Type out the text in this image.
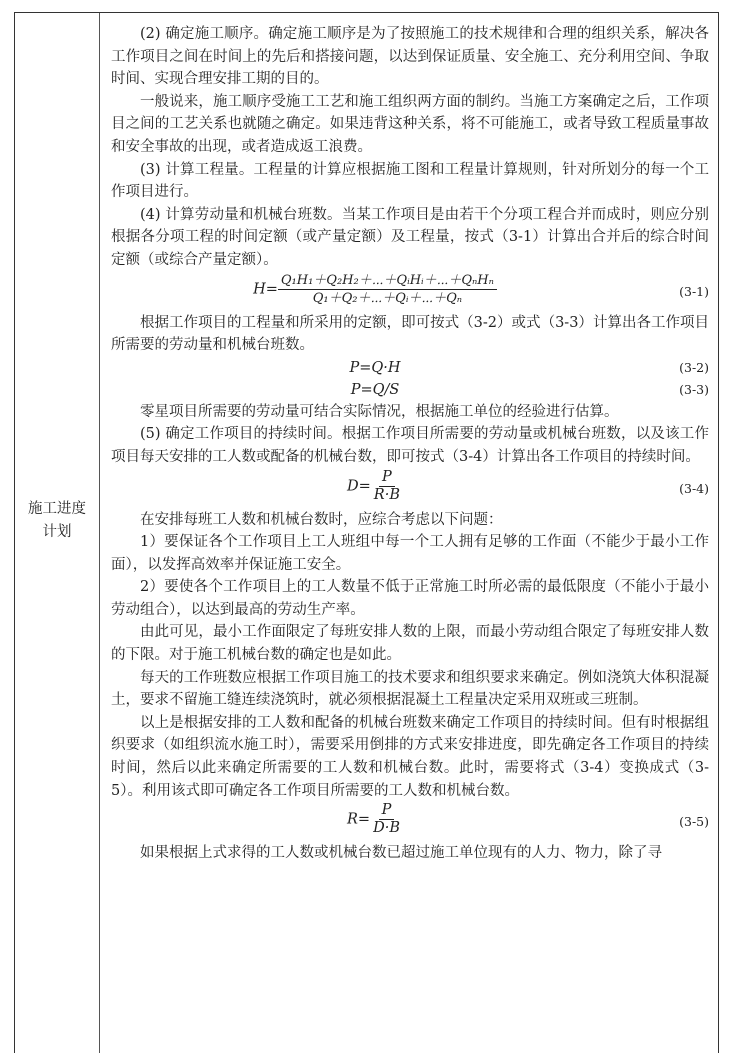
施工进度
计划

(2) 确定施工顺序。确定施工顺序是为了按照施工的技术规律和合理的组织关系，解决各工作项目之间在时间上的先后和搭接问题，以达到保证质量、安全施工、充分利用空间、争取时间、实现合理安排工期的目的。

一般说来，施工顺序受施工工艺和施工组织两方面的制约。当施工方案确定之后，工作项目之间的工艺关系也就随之确定。如果违背这种关系，将不可能施工，或者导致工程质量事故和安全事故的出现，或者造成返工浪费。

(3) 计算工程量。工程量的计算应根据施工图和工程量计算规则，针对所划分的每一个工作项目进行。

(4) 计算劳动量和机械台班数。当某工作项目是由若干个分项工程合并而成时，则应分别根据各分项工程的时间定额（或产量定额）及工程量，按式（3-1）计算出合并后的综合时间定额（或综合产量定额）。

H=
Q₁H₁＋Q₂H₂＋⋯＋QᵢHᵢ＋⋯＋QₙHₙ
Q₁＋Q₂＋⋯＋Qᵢ＋⋯＋Qₙ	(3-1)

根据工作项目的工程量和所采用的定额，即可按式（3-2）或式（3-3）计算出各工作项目所需要的劳动量和机械台班数。

P=Q·H	(3-2)
P=Q/S	(3-3)

零星项目所需要的劳动量可结合实际情况，根据施工单位的经验进行估算。

(5) 确定工作项目的持续时间。根据工作项目所需要的劳动量或机械台班数，以及该工作项目每天安排的工人数或配备的机械台数，即可按式（3-4）计算出各工作项目的持续时间。

$D= \frac{P}{R\cdot B}$	(3-4)

在安排每班工人数和机械台数时，应综合考虑以下问题：

1）要保证各个工作项目上工人班组中每一个工人拥有足够的工作面（不能少于最小工作面），以发挥高效率并保证施工安全。

2）要使各个工作项目上的工人数量不低于正常施工时所必需的最低限度（不能小于最小劳动组合），以达到最高的劳动生产率。

由此可见，最小工作面限定了每班安排人数的上限，而最小劳动组合限定了每班安排人数的下限。对于施工机械台数的确定也是如此。

每天的工作班数应根据工作项目施工的技术要求和组织要求来确定。例如浇筑大体积混凝土，要求不留施工缝连续浇筑时，就必须根据混凝土工程量决定采用双班或三班制。

以上是根据安排的工人数和配备的机械台班数来确定工作项目的持续时间。但有时根据组织要求（如组织流水施工时），需要采用倒排的方式来安排进度，即先确定各工作项目的持续时间，然后以此来确定所需要的工人数和机械台数。此时，需要将式（3-4）变换成式（3-5）。利用该式即可确定各工作项目所需要的工人数和机械台数。

$R= \frac{P}{D\cdot B}$	(3-5)

如果根据上式求得的工人数或机械台数已超过施工单位现有的人力、物力，除了寻
